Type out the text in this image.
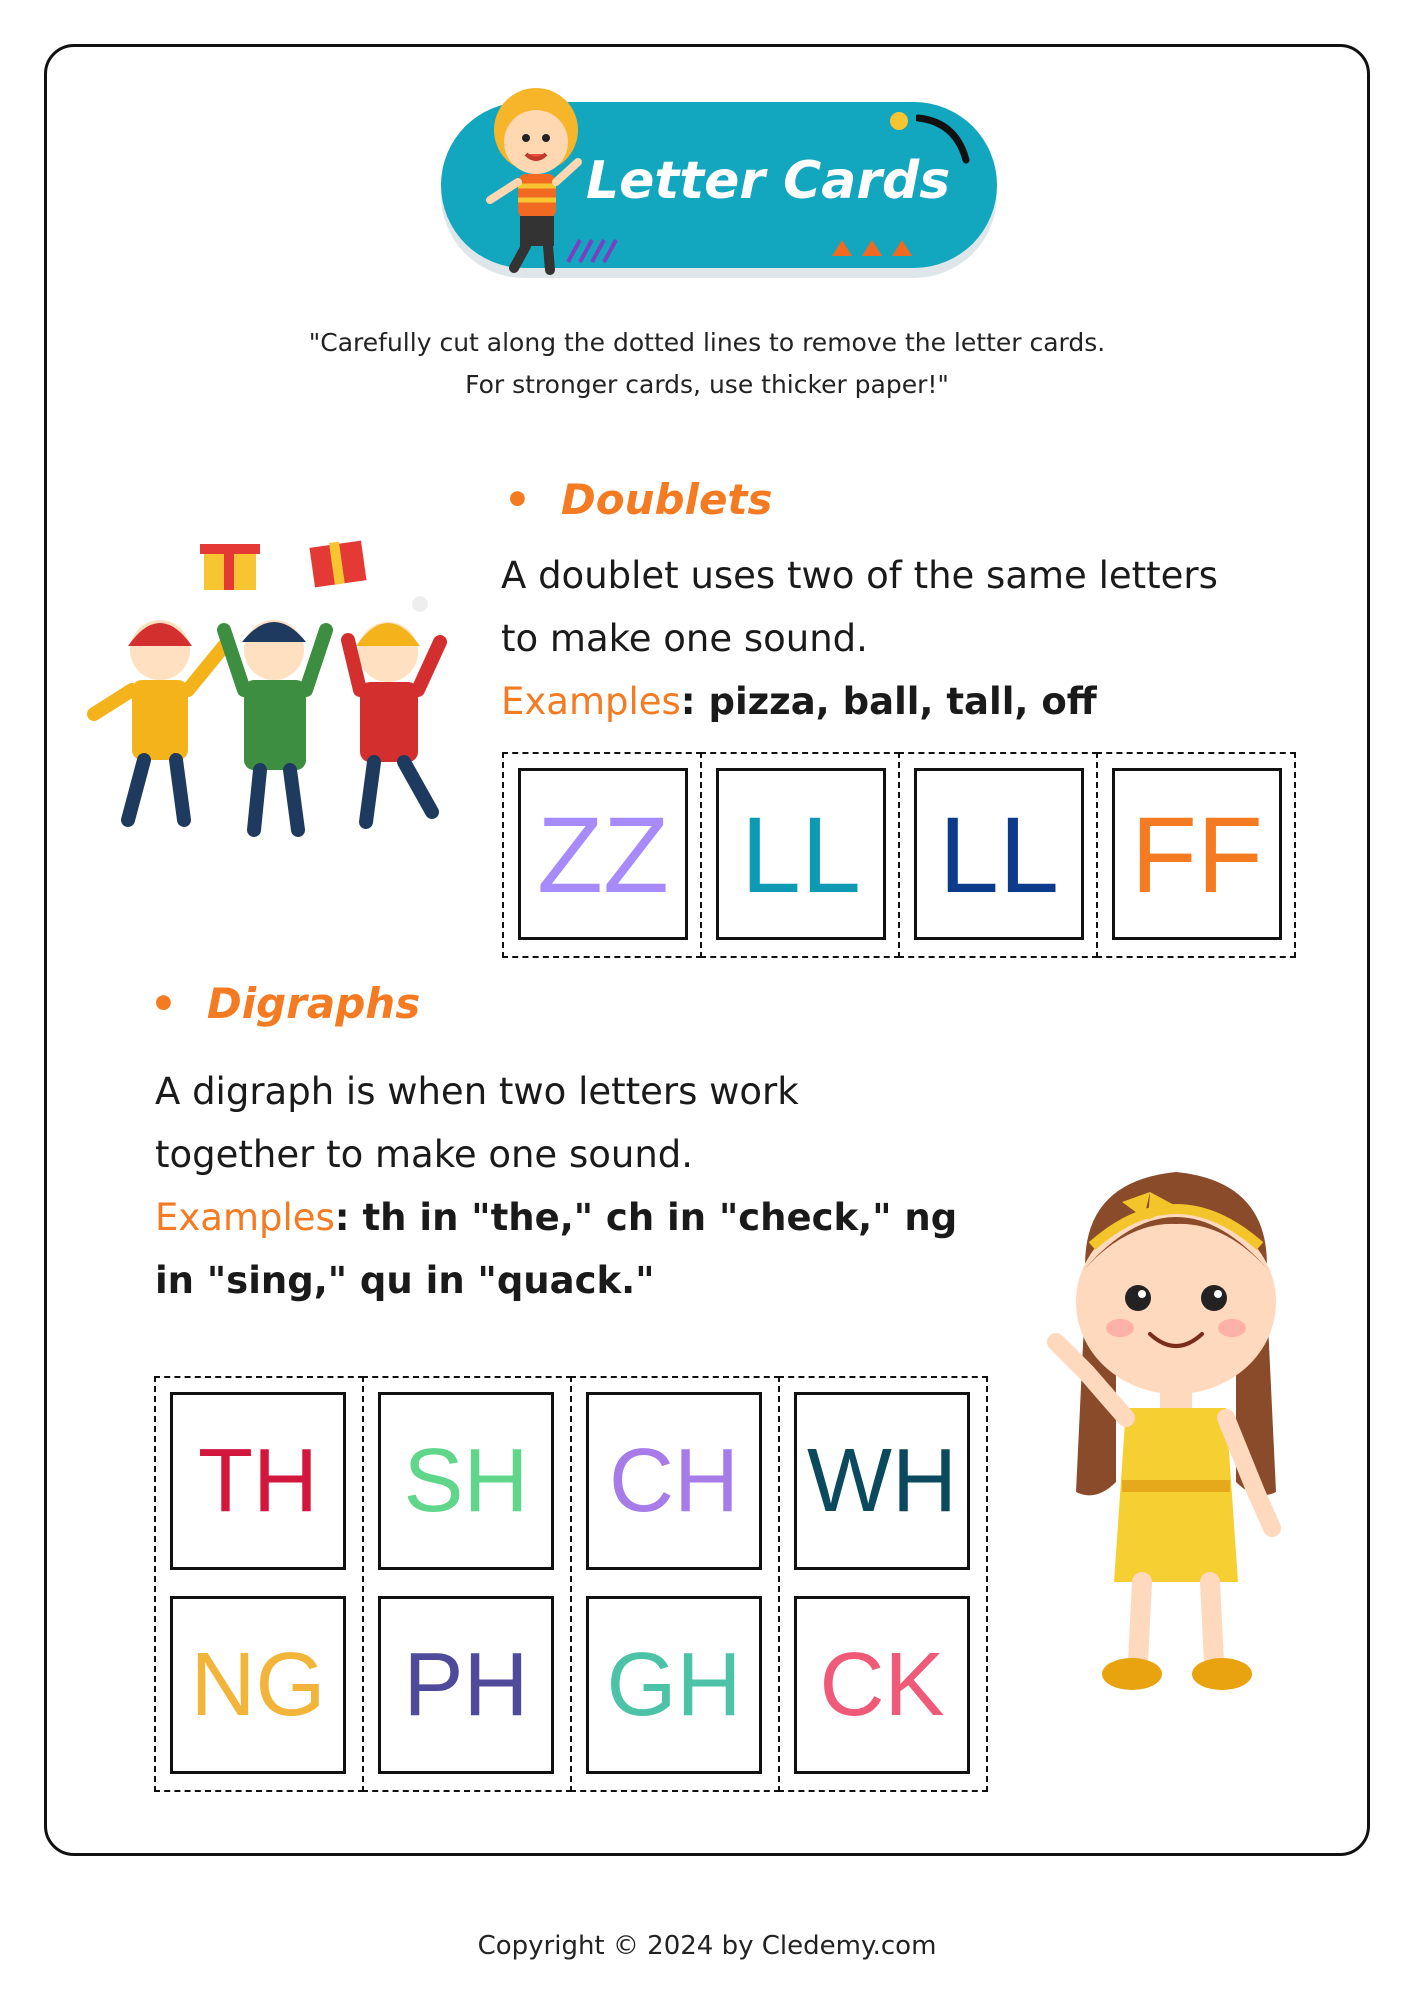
Letter Cards
"Carefully cut along the dotted lines to remove the letter cards.
For stronger cards, use thicker paper!"
• Doublets
A doublet uses two of the same letters
to make one sound.
Examples: pizza, ball, tall, off
ZZ LL LL FF
• Digraphs
A digraph is when two letters work
together to make one sound.
Examples: th in "the," ch in "check," ng
in "sing," qu in "quack."
TH SH CH WH
NG PH GH CK
Copyright © 2024 by Cledemy.com
